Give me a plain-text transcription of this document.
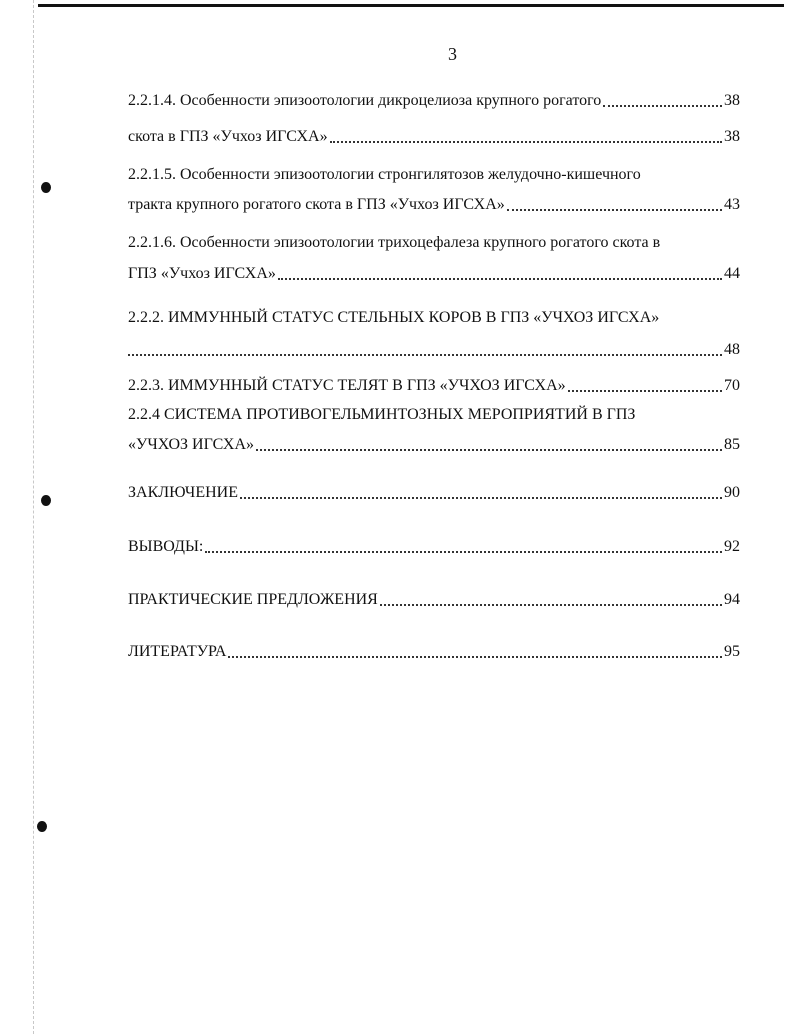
3
2.2.1.4. Особенности эпизоотологии дикроцелиоза крупного рогатого	38
скота в ГПЗ «Учхоз ИГСХА»	38
2.2.1.5. Особенности эпизоотологии стронгилятозов желудочно-кишечного
тракта крупного рогатого скота в ГПЗ «Учхоз ИГСХА»	43
2.2.1.6. Особенности эпизоотологии трихоцефалеза крупного рогатого скота в
ГПЗ «Учхоз ИГСХА»	44
2.2.2. ИММУННЫЙ СТАТУС СТЕЛЬНЫХ КОРОВ В ГПЗ «УЧХОЗ ИГСХА»
48
2.2.3. ИММУННЫЙ СТАТУС ТЕЛЯТ В ГПЗ «УЧХОЗ ИГСХА»	70
2.2.4 СИСТЕМА ПРОТИВОГЕЛЬМИНТОЗНЫХ МЕРОПРИЯТИЙ В ГПЗ
«УЧХОЗ ИГСХА»	85
ЗАКЛЮЧЕНИЕ	90
ВЫВОДЫ:	92
ПРАКТИЧЕСКИЕ ПРЕДЛОЖЕНИЯ	94
ЛИТЕРАТУРА	95
